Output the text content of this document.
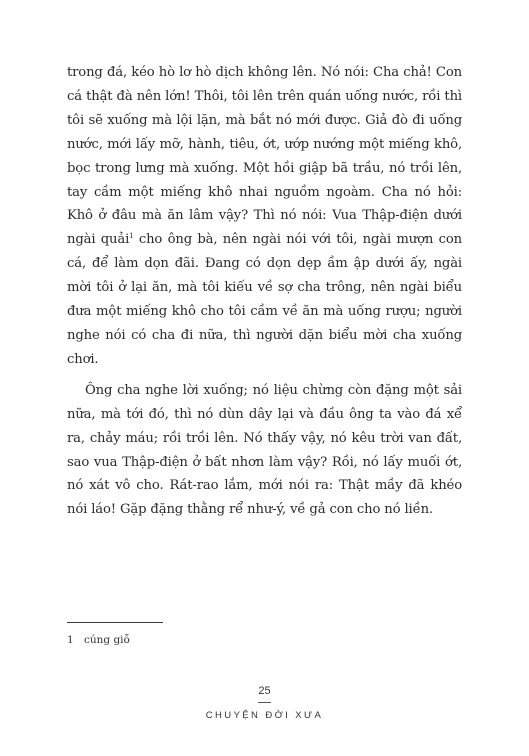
trong đá, kéo hò lơ hò dịch không lên. Nó nói: Cha chả! Con cá thật đà nên lớn! Thôi, tôi lên trên quán uống nước, rồi thì tôi sẽ xuống mà lội lặn, mà bắt nó mới được. Giả đò đi uống nước, mới lấy mỡ, hành, tiêu, ớt, ướp nướng một miếng khô, bọc trong lưng mà xuống. Một hồi giập bã trầu, nó trồi lên, tay cầm một miếng khô nhai nguồm ngoàm. Cha nó hỏi: Khô ở đâu mà ăn lâm vậy? Thì nó nói: Vua Thập-điện dưới ngài quải$^1$ cho ông bà, nên ngài nói với tôi, ngài mượn con cá, để làm dọn đãi. Đang có dọn dẹp ầm ập dưới ấy, ngài mời tôi ở lại ăn, mà tôi kiếu về sợ cha trông, nên ngài biểu đưa một miếng khô cho tôi cầm về ăn mà uống rượu; người nghe nói có cha đi nữa, thì người dặn biểu mời cha xuống chơi.

Ông cha nghe lời xuống; nó liệu chừng còn đặng một sải nữa, mà tới đó, thì nó dùn dây lại và đầu ông ta vào đá xể ra, chảy máu; rồi trồi lên. Nó thấy vậy, nó kêu trời van đất, sao vua Thập-điện ở bất nhơn làm vậy? Rồi, nó lấy muối ớt, nó xát vô cho. Rát-rao lắm, mới nói ra: Thật mầy đã khéo nói láo! Gặp đặng thằng rể như-ý, về gả con cho nó liền.

1 cúng giỗ
25
CHUYỆN ĐỜI XƯA
